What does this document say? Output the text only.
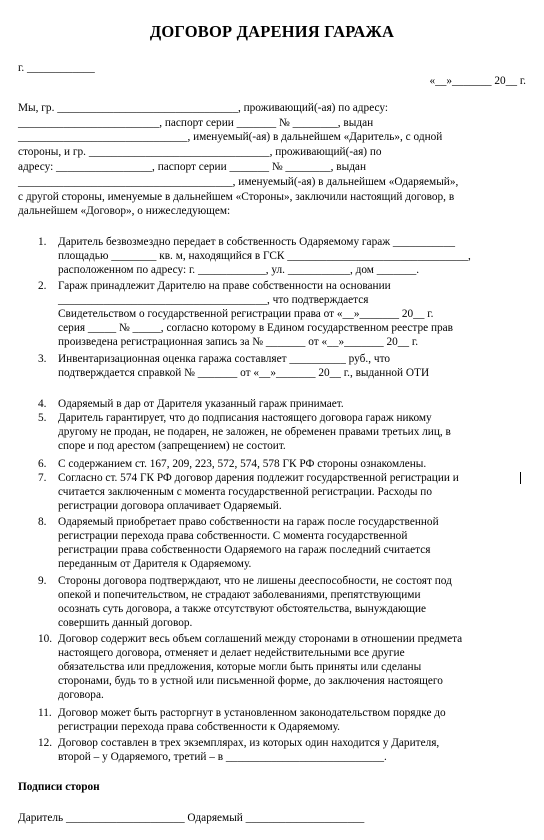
ДОГОВОР ДАРЕНИЯ ГАРАЖА
г. ____________
«__»_______ 20__ г.
Мы, гр. ________________________________, проживающий(-ая) по адресу:
_________________________, паспорт серии _______ № ________, выдан
______________________________, именуемый(-ая) в дальнейшем «Даритель», с одной
стороны, и гр. ________________________________, проживающий(-ая) по
адресу: _________________, паспорт серии _______ № ________, выдан
______________________________________, именуемый(-ая) в дальнейшем «Одаряемый»,
с другой стороны, именуемые в дальнейшем «Стороны», заключили настоящий договор, в
дальнейшем «Договор», о нижеследующем:
1. Даритель безвозмездно передает в собственность Одаряемому гараж ___________
площадью ________ кв. м, находящийся в ГСК ________________________________,
расположенном по адресу: г. ____________, ул. ___________, дом _______.
2. Гараж принадлежит Дарителю на праве собственности на основании
_____________________________________, что подтверждается
Свидетельством о государственной регистрации права от «__»_______ 20__ г.
серия _____ № _____, согласно которому в Едином государственном реестре прав
произведена регистрационная запись за № _______ от «__»_______ 20__ г.
3. Инвентаризационная оценка гаража составляет __________ руб., что
подтверждается справкой № _______ от «__»_______ 20__ г., выданной ОТИ
4. Одаряемый в дар от Дарителя указанный гараж принимает.
5. Даритель гарантирует, что до подписания настоящего договора гараж никому
другому не продан, не подарен, не заложен, не обременен правами третьих лиц, в
споре и под арестом (запрещением) не состоит.
6. С содержанием ст. 167, 209, 223, 572, 574, 578 ГК РФ стороны ознакомлены.
7. Согласно ст. 574 ГК РФ договор дарения подлежит государственной регистрации и
считается заключенным с момента государственной регистрации. Расходы по
регистрации договора оплачивает Одаряемый.
8. Одаряемый приобретает право собственности на гараж после государственной
регистрации перехода права собственности. С момента государственной
регистрации права собственности Одаряемого на гараж последний считается
переданным от Дарителя к Одаряемому.
9. Стороны договора подтверждают, что не лишены дееспособности, не состоят под
опекой и попечительством, не страдают заболеваниями, препятствующими
осознать суть договора, а также отсутствуют обстоятельства, вынуждающие
совершить данный договор.
10. Договор содержит весь объем соглашений между сторонами в отношении предмета
настоящего договора, отменяет и делает недействительными все другие
обязательства или предложения, которые могли быть приняты или сделаны
сторонами, будь то в устной или письменной форме, до заключения настоящего
договора.
11. Договор может быть расторгнут в установленном законодательством порядке до
регистрации перехода права собственности к Одаряемому.
12. Договор составлен в трех экземплярах, из которых один находится у Дарителя,
второй – у Одаряемого, третий – в ____________________________.
Подписи сторон
Даритель _____________________ Одаряемый _____________________
